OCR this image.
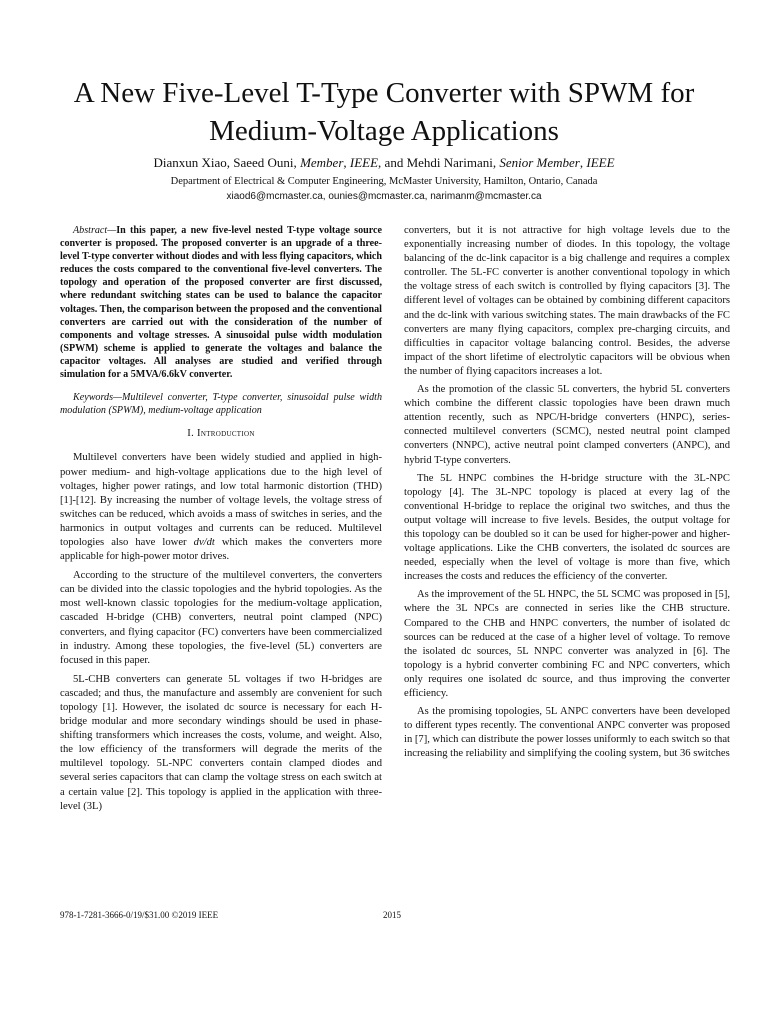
A New Five-Level T-Type Converter with SPWM for
Medium-Voltage Applications
Dianxun Xiao, Saeed Ouni, Member, IEEE, and Mehdi Narimani, Senior Member, IEEE
Department of Electrical & Computer Engineering, McMaster University, Hamilton, Ontario, Canada
xiaod6@mcmaster.ca, ounies@mcmaster.ca, narimanm@mcmaster.ca

Abstract—In this paper, a new five-level nested T-type voltage source converter is proposed. The proposed converter is an upgrade of a three-level T-type converter without diodes and with less flying capacitors, which reduces the costs compared to the conventional five-level converters. The topology and operation of the proposed converter are first discussed, where redundant switching states can be used to balance the capacitor voltages. Then, the comparison between the proposed and the conventional converters are carried out with the consideration of the number of components and voltage stresses. A sinusoidal pulse width modulation (SPWM) scheme is applied to generate the voltages and balance the capacitor voltages. All analyses are studied and verified through simulation for a 5MVA/6.6kV converter.

Keywords—Multilevel converter, T-type converter, sinusoidal pulse width modulation (SPWM), medium-voltage application

I. Introduction

Multilevel converters have been widely studied and applied in high-power medium- and high-voltage applications due to the high level of voltages, higher power ratings, and low total harmonic distortion (THD) [1]-[12]. By increasing the number of voltage levels, the voltage stress of switches can be reduced, which avoids a mass of switches in series, and the harmonics in output voltages and currents can be reduced. Multilevel topologies also have lower dv/dt which makes the converters more applicable for high-power motor drives.

According to the structure of the multilevel converters, the converters can be divided into the classic topologies and the hybrid topologies. As the most well-known classic topologies for the medium-voltage application, cascaded H-bridge (CHB) converters, neutral point clamped (NPC) converters, and flying capacitor (FC) converters have been commercialized in industry. Among these topologies, the five-level (5L) converters are focused in this paper.

5L-CHB converters can generate 5L voltages if two H-bridges are cascaded; and thus, the manufacture and assembly are convenient for such topology [1]. However, the isolated dc source is necessary for each H-bridge modular and more secondary windings should be used in phase-shifting transformers which increases the costs, volume, and weight. Also, the low efficiency of the transformers will degrade the merits of the multilevel topology. 5L-NPC converters contain clamped diodes and several series capacitors that can clamp the voltage stress on each switch at a certain value [2]. This topology is applied in the application with three-level (3L)

converters, but it is not attractive for high voltage levels due to the exponentially increasing number of diodes. In this topology, the voltage balancing of the dc-link capacitor is a big challenge and requires a complex controller. The 5L-FC converter is another conventional topology in which the voltage stress of each switch is controlled by flying capacitors [3]. The different level of voltages can be obtained by combining different capacitors and the dc-link with various switching states. The main drawbacks of the FC converters are many flying capacitors, complex pre-charging circuits, and difficulties in capacitor voltage balancing control. Besides, the adverse impact of the short lifetime of electrolytic capacitors will be obvious when the number of flying capacitors increases a lot.

As the promotion of the classic 5L converters, the hybrid 5L converters which combine the different classic topologies have been drawn much attention recently, such as NPC/H-bridge converters (HNPC), series-connected multilevel converters (SCMC), nested neutral point clamped converters (NNPC), active neutral point clamped converters (ANPC), and hybrid T-type converters.

The 5L HNPC combines the H-bridge structure with the 3L-NPC topology [4]. The 3L-NPC topology is placed at every lag of the conventional H-bridge to replace the original two switches, and thus the output voltage will increase to five levels. Besides, the output voltage for this topology can be doubled so it can be used for higher-power and higher-voltage applications. Like the CHB converters, the isolated dc sources are needed, especially when the level of voltage is more than five, which increases the costs and reduces the efficiency of the converter.

As the improvement of the 5L HNPC, the 5L SCMC was proposed in [5], where the 3L NPCs are connected in series like the CHB structure. Compared to the CHB and HNPC converters, the number of isolated dc sources can be reduced at the case of a higher level of voltage. To remove the isolated dc sources, 5L NNPC converter was analyzed in [6]. The topology is a hybrid converter combining FC and NPC converters, which only requires one isolated dc source, and thus improving the converter efficiency.

As the promising topologies, 5L ANPC converters have been developed to different types recently. The conventional ANPC converter was proposed in [7], which can distribute the power losses uniformly to each switch so that increasing the reliability and simplifying the cooling system, but 36 switches

978-1-7281-3666-0/19/$31.00 ©2019 IEEE	2015
